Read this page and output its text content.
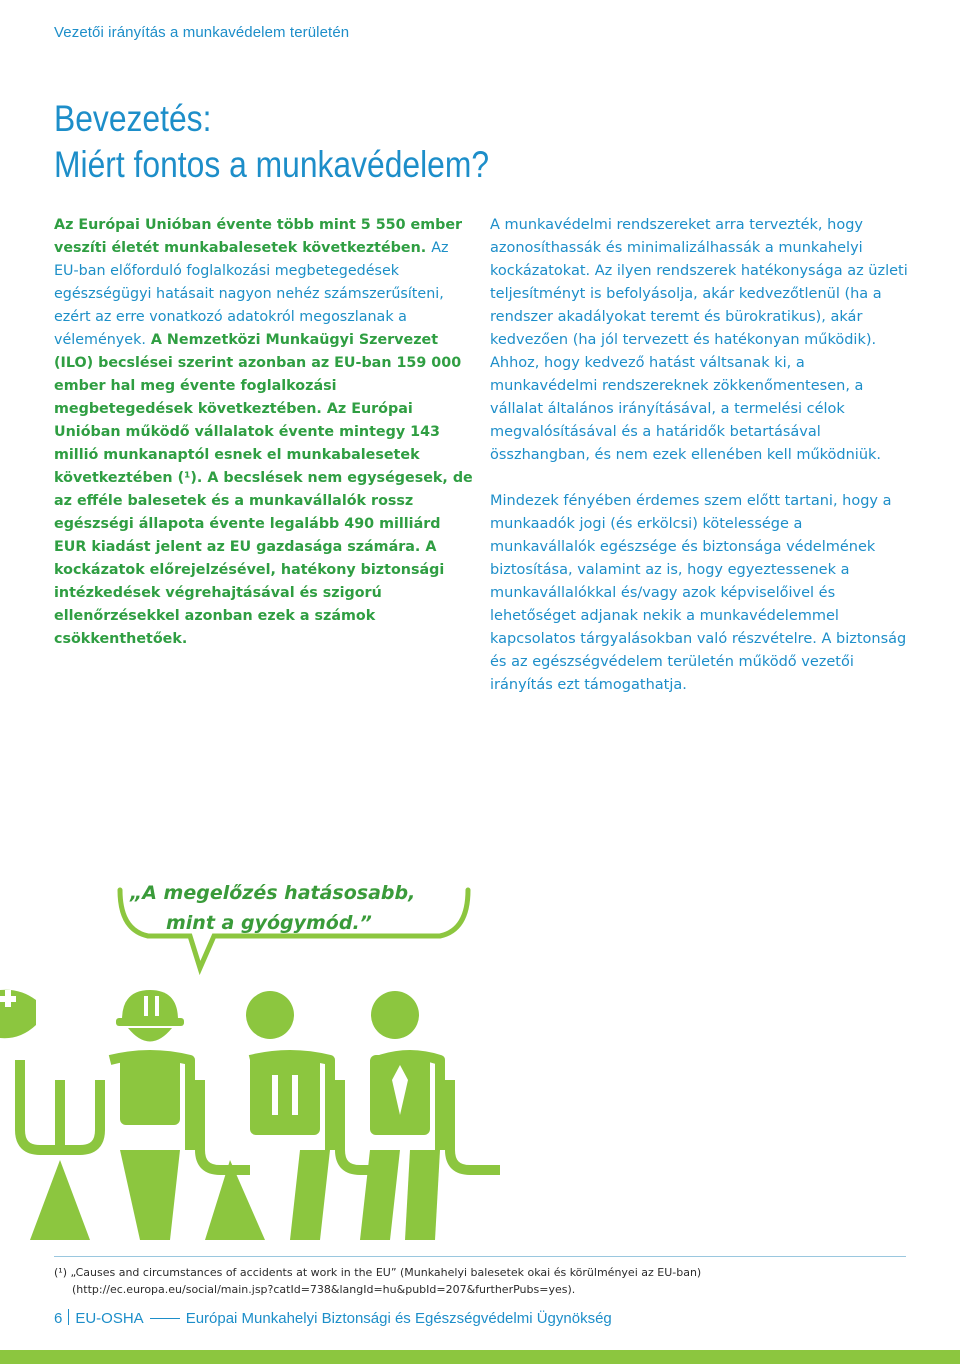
Vezetői irányítás a munkavédelem területén
Bevezetés:
Miért fontos a munkavédelem?

Az Európai Unióban évente több mint 5 550 ember veszíti életét munkabalesetek következtében. Az EU-ban előforduló foglalkozási megbetegedések egészségügyi hatásait nagyon nehéz számszerűsíteni, ezért az erre vonatkozó adatokról megoszlanak a vélemények. A Nemzetközi Munkaügyi Szervezet (ILO) becslései szerint azonban az EU-ban 159 000 ember hal meg évente foglalkozási megbetegedések következtében. Az Európai Unióban működő vállalatok évente mintegy 143 millió munkanaptól esnek el munkabalesetek következtében (¹). A becslések nem egységesek, de az efféle balesetek és a munkavállalók rossz egészségi állapota évente legalább 490 milliárd EUR kiadást jelent az EU gazdasága számára. A kockázatok előrejelzésével, hatékony biztonsági intézkedések végrehajtásával és szigorú ellenőrzésekkel azonban ezek a számok csökkenthetőek.

A munkavédelmi rendszereket arra tervezték, hogy azonosíthassák és minimalizálhassák a munkahelyi kockázatokat. Az ilyen rendszerek hatékonysága az üzleti teljesítményt is befolyásolja, akár kedvezőtlenül (ha a rendszer akadályokat teremt és bürokratikus), akár kedvezően (ha jól tervezett és hatékonyan működik). Ahhoz, hogy kedvező hatást váltsanak ki, a munkavédelmi rendszereknek zökkenőmentesen, a vállalat általános irányításával, a termelési célok megvalósításával és a határidők betartásával összhangban, és nem ezek ellenében kell működniük.

Mindezek fényében érdemes szem előtt tartani, hogy a munkaadók jogi (és erkölcsi) kötelessége a munkavállalók egészsége és biztonsága védelmének biztosítása, valamint az is, hogy egyeztessenek a munkavállalókkal és/vagy azok képviselőivel és lehetőséget adjanak nekik a munkavédelemmel kapcsolatos tárgyalásokban való részvételre. A biztonság és az egészségvédelem területén működő vezetői irányítás ezt támogathatja.

„A megelőzés hatásosabb,
mint a gyógymód.”
(¹) „Causes and circumstances of accidents at work in the EU” (Munkahelyi balesetek okai és körülményei az EU-ban)
(http://ec.europa.eu/social/main.jsp?catId=738&langId=hu&pubId=207&furtherPubs=yes).
6 EU-OSHA	Európai Munkahelyi Biztonsági és Egészségvédelmi Ügynökség
